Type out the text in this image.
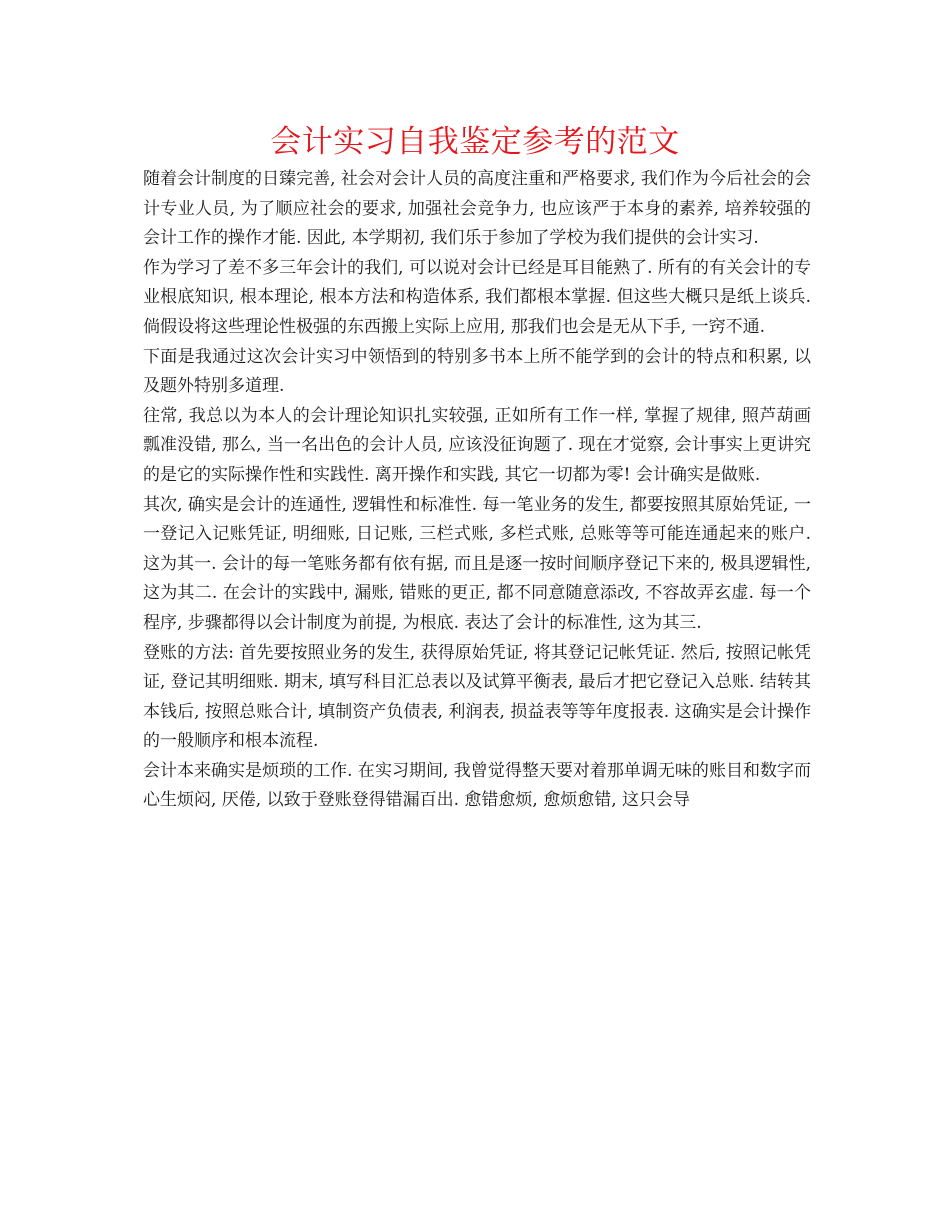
会计实习自我鉴定参考的范文

随着会计制度的日臻完善, 社会对会计人员的高度注重和严格要求, 我们作为今后社会的会计专业人员, 为了顺应社会的要求, 加强社会竞争力, 也应该严于本身的素养, 培养较强的会计工作的操作才能. 因此, 本学期初, 我们乐于参加了学校为我们提供的会计实习.

作为学习了差不多三年会计的我们, 可以说对会计已经是耳目能熟了. 所有的有关会计的专业根底知识, 根本理论, 根本方法和构造体系, 我们都根本掌握. 但这些大概只是纸上谈兵. 倘假设将这些理论性极强的东西搬上实际上应用, 那我们也会是无从下手, 一窍不通.

下面是我通过这次会计实习中领悟到的特别多书本上所不能学到的会计的特点和积累, 以及题外特别多道理.

往常, 我总以为本人的会计理论知识扎实较强, 正如所有工作一样, 掌握了规律, 照芦葫画瓢准没错, 那么, 当一名出色的会计人员, 应该没征询题了. 现在才觉察, 会计事实上更讲究的是它的实际操作性和实践性. 离开操作和实践, 其它一切都为零! 会计确实是做账.

其次, 确实是会计的连通性, 逻辑性和标准性. 每一笔业务的发生, 都要按照其原始凭证, 一一登记入记账凭证, 明细账, 日记账, 三栏式账, 多栏式账, 总账等等可能连通起来的账户. 这为其一. 会计的每一笔账务都有依有据, 而且是逐一按时间顺序登记下来的, 极具逻辑性, 这为其二. 在会计的实践中, 漏账, 错账的更正, 都不同意随意添改, 不容故弄玄虚. 每一个程序, 步骤都得以会计制度为前提, 为根底. 表达了会计的标准性, 这为其三.

登账的方法: 首先要按照业务的发生, 获得原始凭证, 将其登记记帐凭证. 然后, 按照记帐凭证, 登记其明细账. 期末, 填写科目汇总表以及试算平衡表, 最后才把它登记入总账. 结转其本钱后, 按照总账合计, 填制资产负债表, 利润表, 损益表等等年度报表. 这确实是会计操作的一般顺序和根本流程.

会计本来确实是烦琐的工作. 在实习期间, 我曾觉得整天要对着那单调无味的账目和数字而心生烦闷, 厌倦, 以致于登账登得错漏百出. 愈错愈烦, 愈烦愈错, 这只会导
